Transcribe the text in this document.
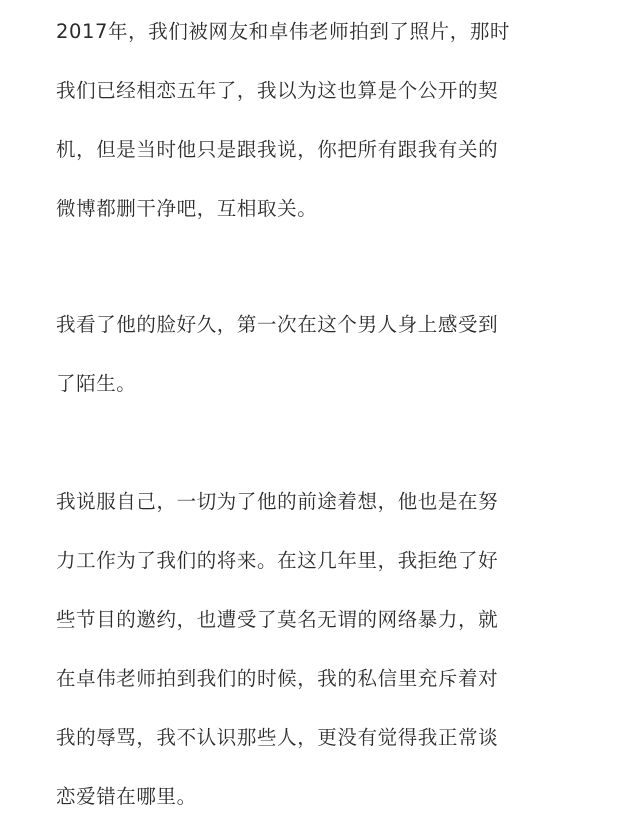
2017年，我们被网友和卓伟老师拍到了照片，那时
我们已经相恋五年了，我以为这也算是个公开的契
机，但是当时他只是跟我说，你把所有跟我有关的
微博都删干净吧，互相取关。
我看了他的脸好久，第一次在这个男人身上感受到
了陌生。
我说服自己，一切为了他的前途着想，他也是在努
力工作为了我们的将来。在这几年里，我拒绝了好
些节目的邀约，也遭受了莫名无谓的网络暴力，就
在卓伟老师拍到我们的时候，我的私信里充斥着对
我的辱骂，我不认识那些人，更没有觉得我正常谈
恋爱错在哪里。
